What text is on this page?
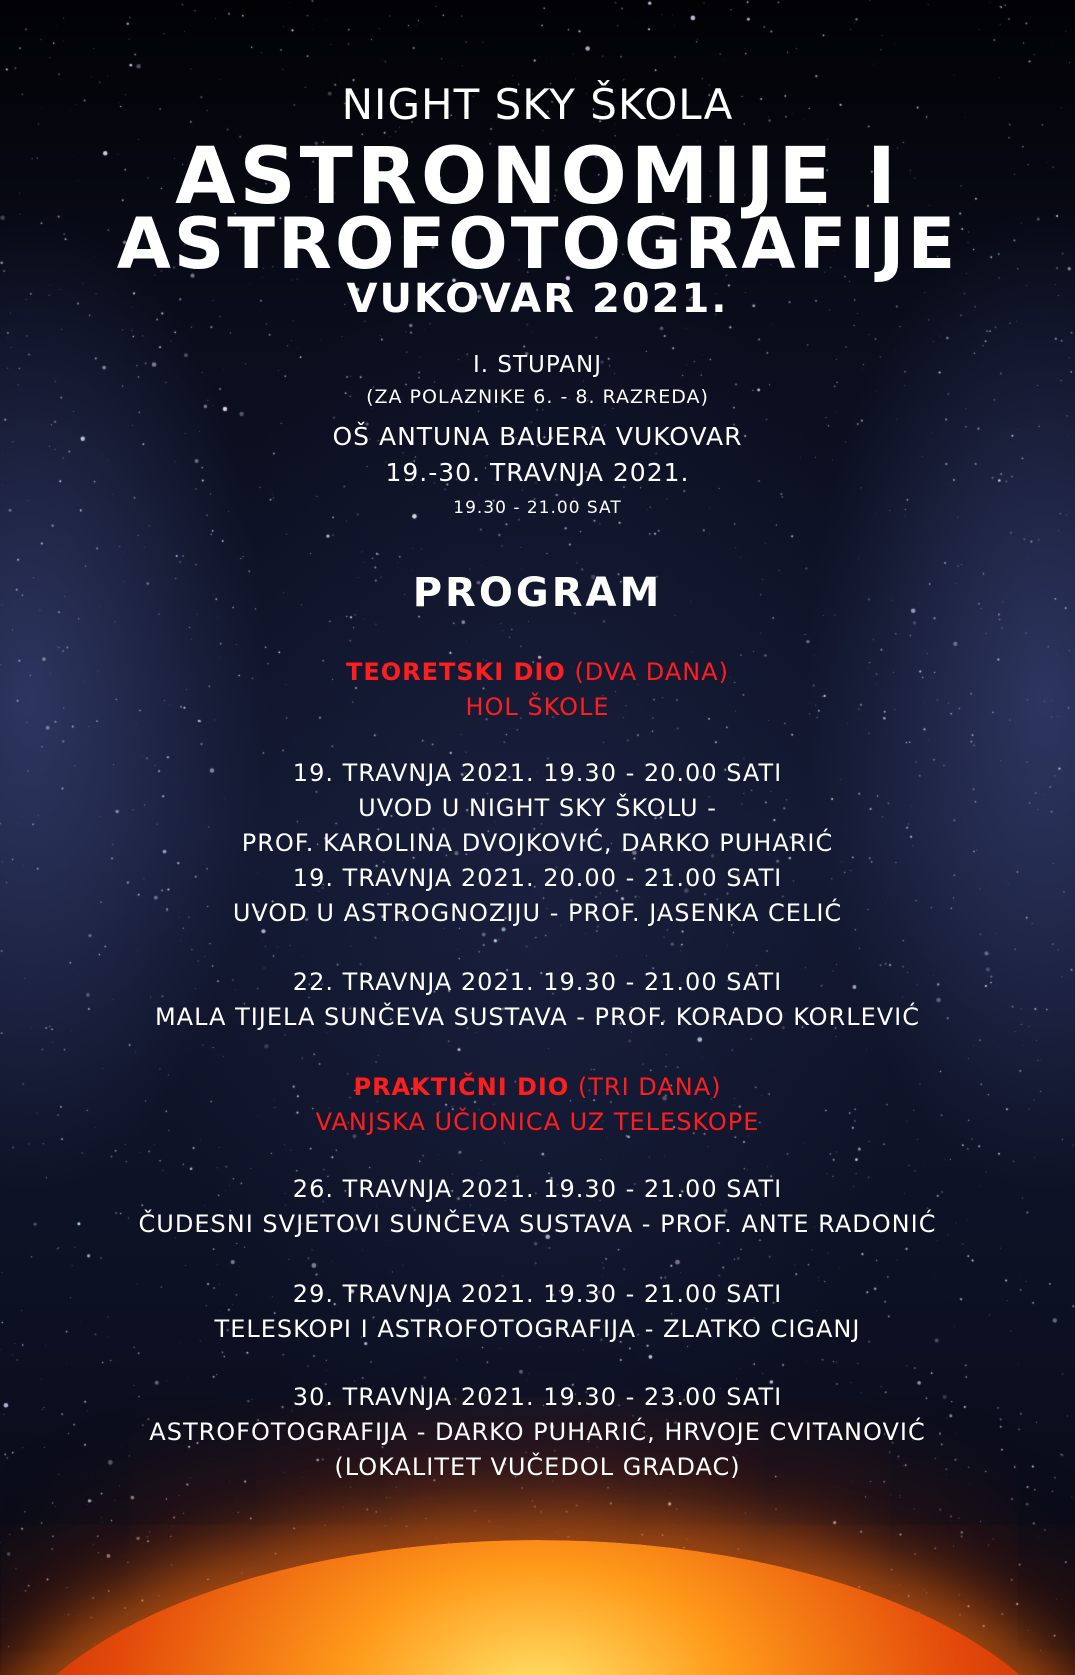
NIGHT SKY ŠKOLA
ASTRONOMIJE I
ASTROFOTOGRAFIJE
VUKOVAR 2021.
I. STUPANJ
(ZA POLAZNIKE 6. - 8. RAZREDA)
OŠ ANTUNA BAUERA VUKOVAR
19.-30. TRAVNJA 2021.
19.30 - 21.00 SAT
PROGRAM
TEORETSKI DIO (DVA DANA)
HOL ŠKOLE
19. TRAVNJA 2021. 19.30 - 20.00 SATI
UVOD U NIGHT SKY ŠKOLU -
PROF. KAROLINA DVOJKOVIĆ, DARKO PUHARIĆ
19. TRAVNJA 2021. 20.00 - 21.00 SATI
UVOD U ASTROGNOZIJU - PROF. JASENKA CELIĆ
22. TRAVNJA 2021. 19.30 - 21.00 SATI
MALA TIJELA SUNČEVA SUSTAVA - PROF. KORADO KORLEVIĆ
PRAKTIČNI DIO (TRI DANA)
VANJSKA UČIONICA UZ TELESKOPE
26. TRAVNJA 2021. 19.30 - 21.00 SATI
ČUDESNI SVJETOVI SUNČEVA SUSTAVA - PROF. ANTE RADONIĆ
29. TRAVNJA 2021. 19.30 - 21.00 SATI
TELESKOPI I ASTROFOTOGRAFIJA - ZLATKO CIGANJ
30. TRAVNJA 2021. 19.30 - 23.00 SATI
ASTROFOTOGRAFIJA - DARKO PUHARIĆ, HRVOJE CVITANOVIĆ
(LOKALITET VUČEDOL GRADAC)
